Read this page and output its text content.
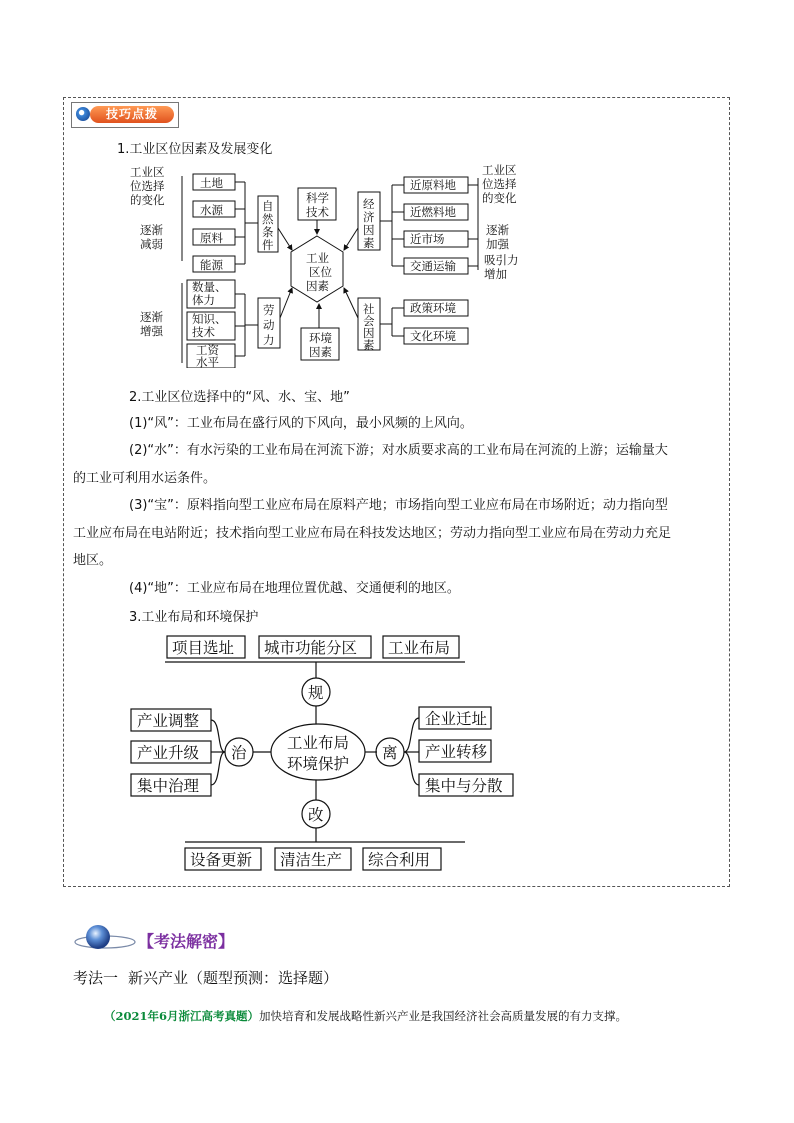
技巧点拨
1.工业区位因素及发展变化
工业区
位选择
的变化
逐渐
减弱
逐渐
增强
土地
水源
原料
能源
数量、
体力
知识、
技术
工资
水平
自
然
条
件
劳
动
力
科学
技术
环境
因素
工业
区位
因素
经
济
因
素
社
会
因
素
近原料地
近燃料地
近市场
交通运输
政策环境
文化环境
工业区
位选择
的变化
逐渐
加强
吸引力
增加
2.工业区位选择中的“风、水、宝、地”
(1)“风”：工业布局在盛行风的下风向，最小风频的上风向。
(2)“水”：有水污染的工业布局在河流下游；对水质要求高的工业布局在河流的上游；运输量大
的工业可利用水运条件。
(3)“宝”：原料指向型工业应布局在原料产地；市场指向型工业应布局在市场附近；动力指向型
工业应布局在电站附近；技术指向型工业应布局在科技发达地区；劳动力指向型工业应布局在劳动力充足
地区。
(4)“地”：工业应布局在地理位置优越、交通便利的地区。
3.工业布局和环境保护
项目选址 城市功能分区 工业布局
规
治	离
改
工业布局
环境保护
产业调整
产业升级
集中治理
企业迁址
产业转移
集中与分散
设备更新 清洁生产 综合利用
【考法解密】
考法一 新兴产业（题型预测：选择题）
（2021年6月浙江高考真题）加快培育和发展战略性新兴产业是我国经济社会高质量发展的有力支撑。
